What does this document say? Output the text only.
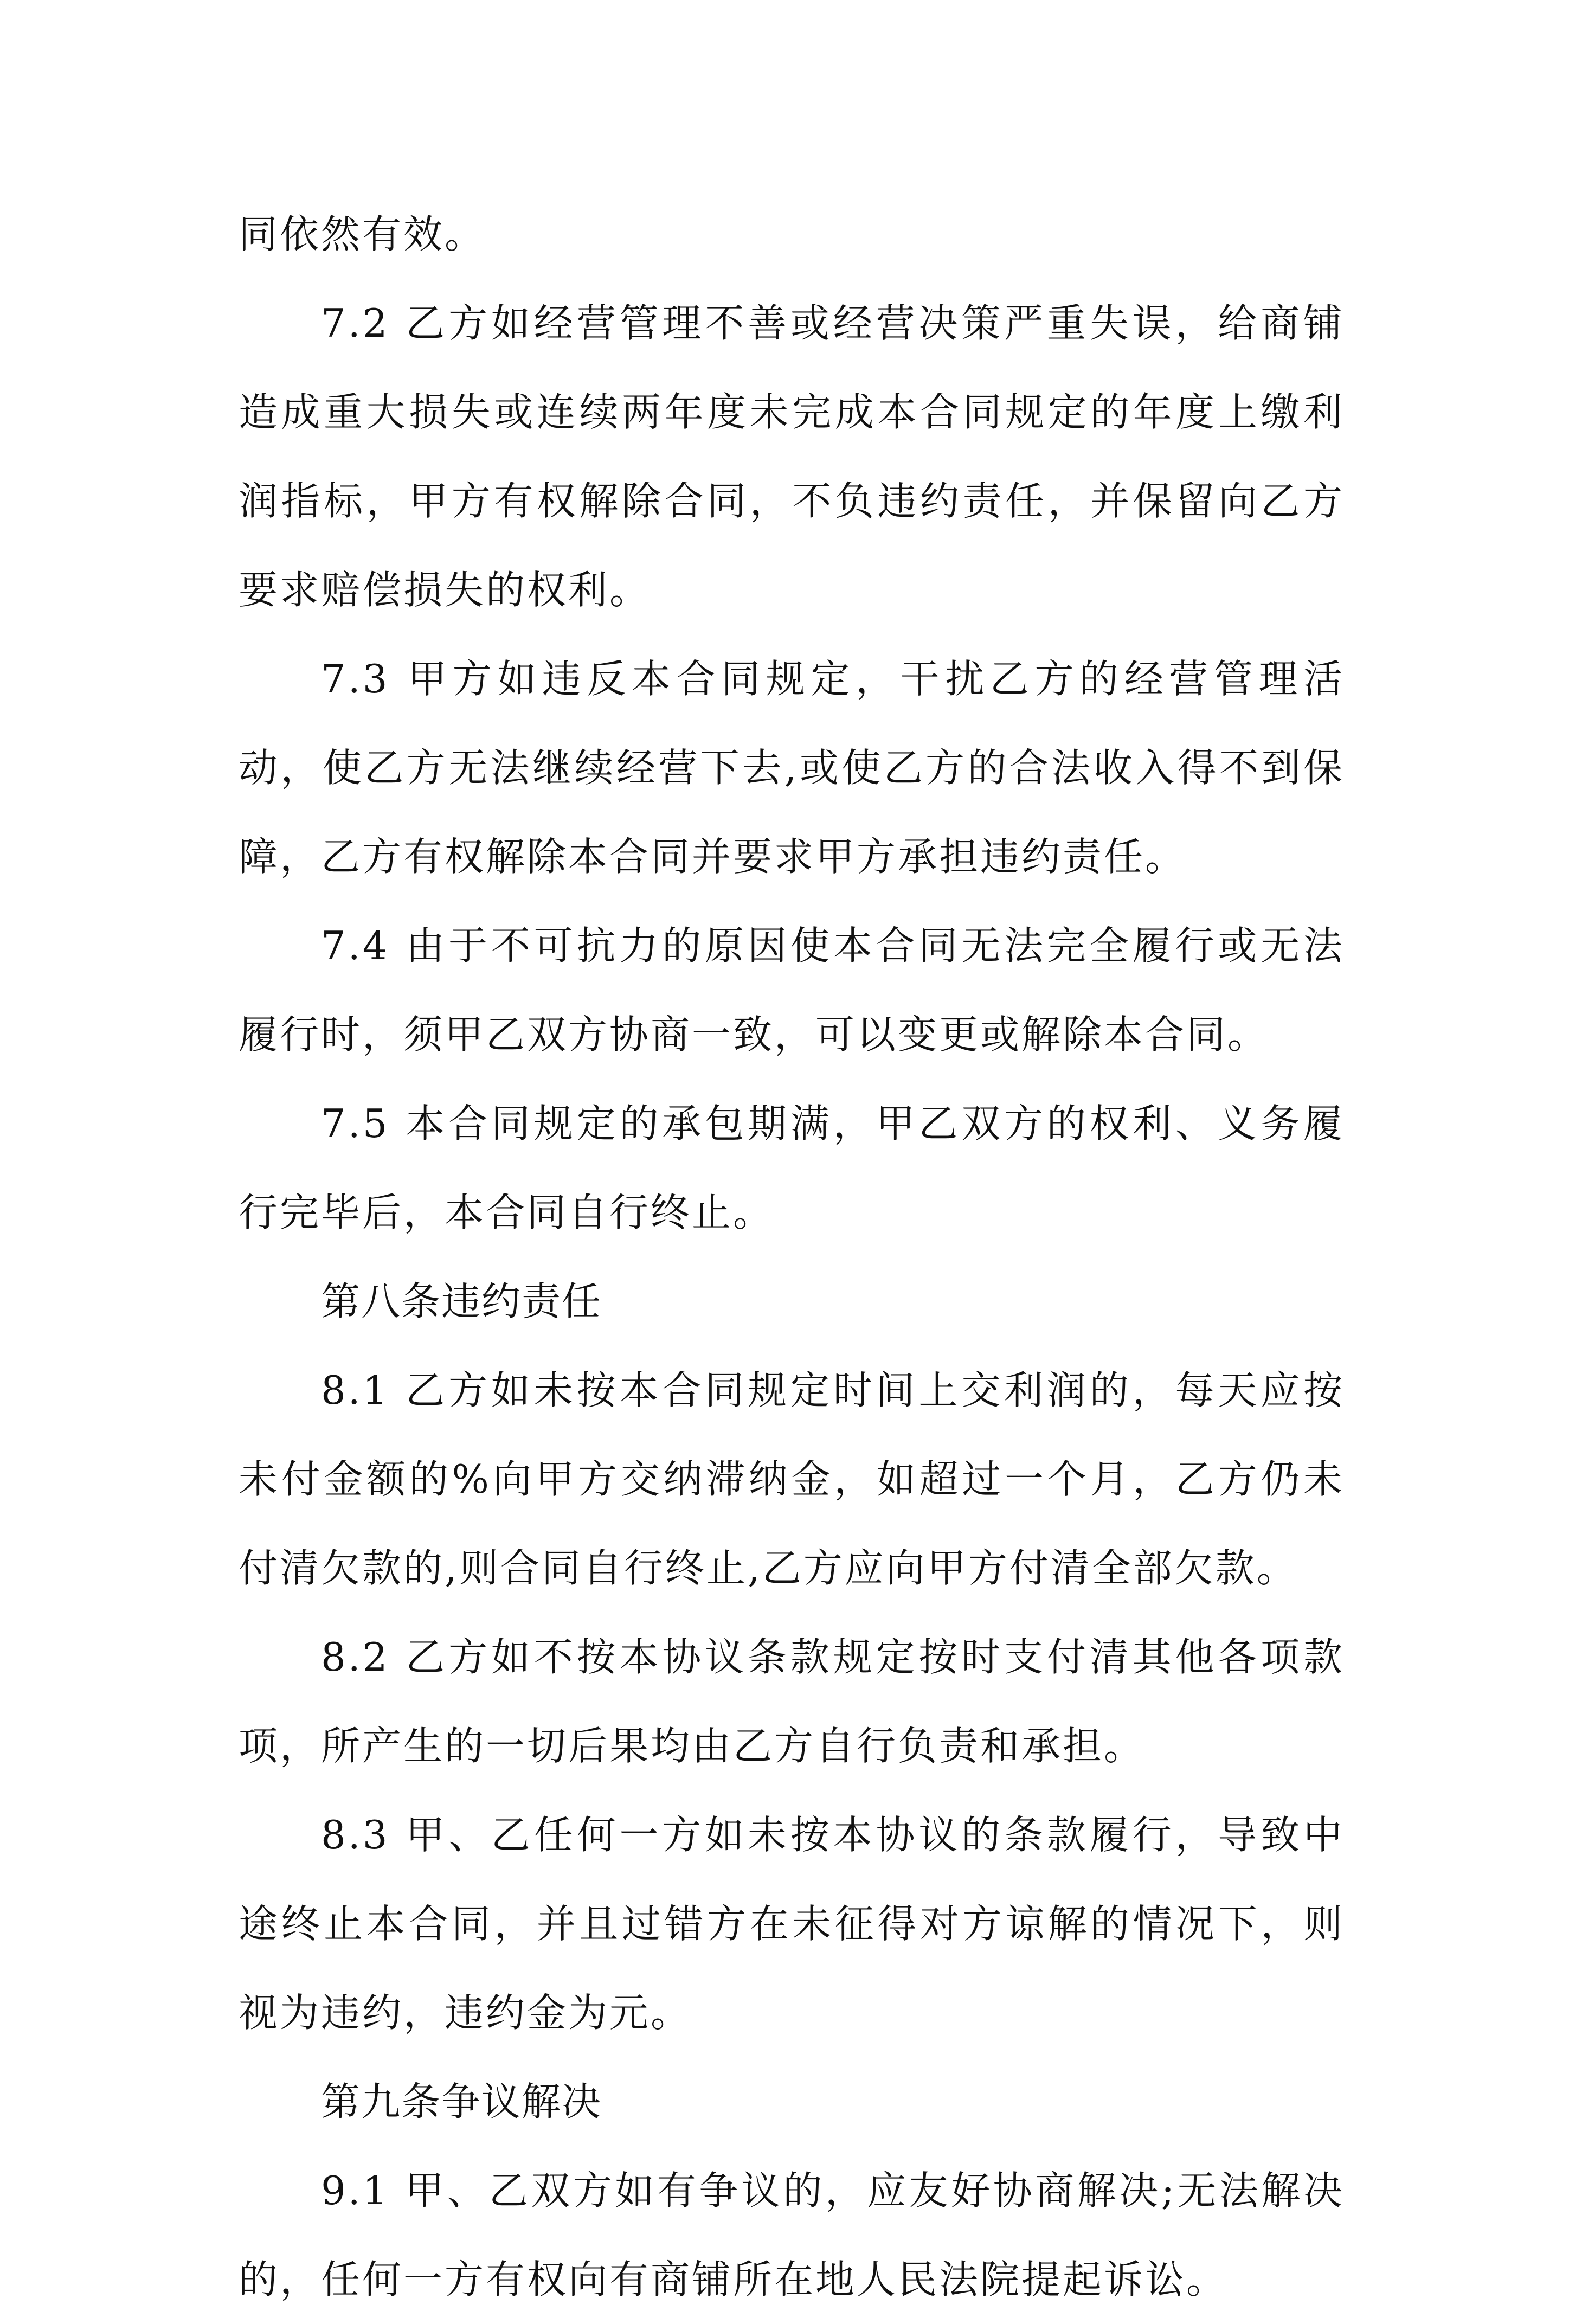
同依然有效。

7.2 乙方如经营管理不善或经营决策严重失误，给商铺造成重大损失或连续两年度未完成本合同规定的年度上缴利润指标，甲方有权解除合同，不负违约责任，并保留向乙方要求赔偿损失的权利。

7.3 甲方如违反本合同规定，干扰乙方的经营管理活动，使乙方无法继续经营下去,或使乙方的合法收入得不到保障，乙方有权解除本合同并要求甲方承担违约责任。

7.4 由于不可抗力的原因使本合同无法完全履行或无法履行时，须甲乙双方协商一致，可以变更或解除本合同。

7.5 本合同规定的承包期满，甲乙双方的权利、义务履行完毕后，本合同自行终止。

第八条违约责任

8.1 乙方如未按本合同规定时间上交利润的，每天应按未付金额的%向甲方交纳滞纳金，如超过一个月，乙方仍未付清欠款的,则合同自行终止,乙方应向甲方付清全部欠款。

8.2 乙方如不按本协议条款规定按时支付清其他各项款项，所产生的一切后果均由乙方自行负责和承担。

8.3 甲、乙任何一方如未按本协议的条款履行，导致中途终止本合同，并且过错方在未征得对方谅解的情况下，则视为违约，违约金为元。

第九条争议解决

9.1 甲、乙双方如有争议的，应友好协商解决;无法解决的，任何一方有权向有商铺所在地人民法院提起诉讼。
